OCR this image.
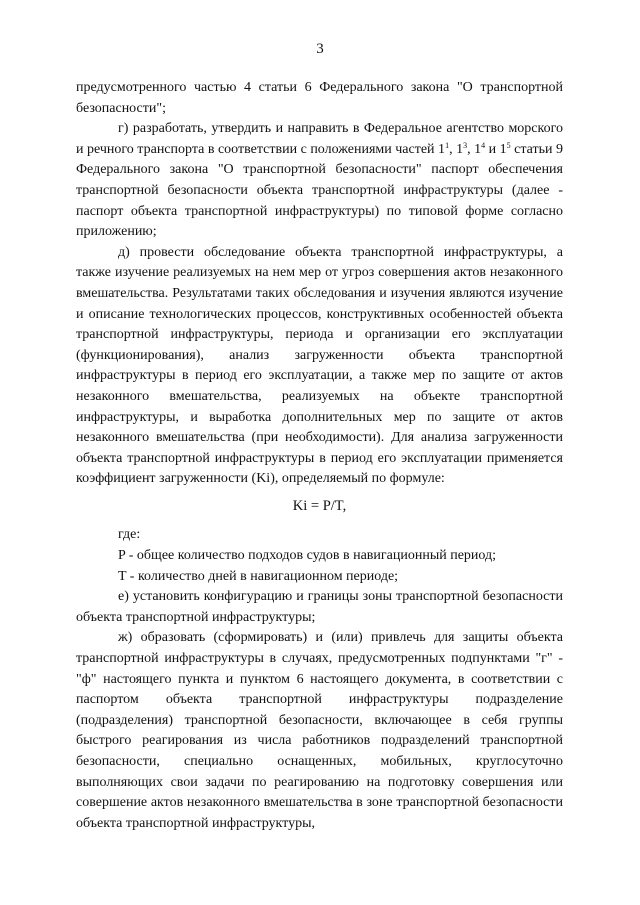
3

предусмотренного частью 4 статьи 6 Федерального закона "О транспортной безопасности";

г) разработать, утвердить и направить в Федеральное агентство морского и речного транспорта в соответствии с положениями частей $1^1$, $1^3$, $1^4$ и $1^5$ статьи 9 Федерального закона "О транспортной безопасности" паспорт обеспечения транспортной безопасности объекта транспортной инфраструктуры (далее - паспорт объекта транспортной инфраструктуры) по типовой форме согласно приложению;

д) провести обследование объекта транспортной инфраструктуры, а также изучение реализуемых на нем мер от угроз совершения актов незаконного вмешательства. Результатами таких обследования и изучения являются изучение и описание технологических процессов, конструктивных особенностей объекта транспортной инфраструктуры, периода и организации его эксплуатации (функционирования), анализ загруженности объекта транспортной инфраструктуры в период его эксплуатации, а также мер по защите от актов незаконного вмешательства, реализуемых на объекте транспортной инфраструктуры, и выработка дополнительных мер по защите от актов незаконного вмешательства (при необходимости). Для анализа загруженности объекта транспортной инфраструктуры в период его эксплуатации применяется коэффициент загруженности (Ki), определяемый по формуле:

Ki = P/T,

где:

P - общее количество подходов судов в навигационный период;

T - количество дней в навигационном периоде;

е) установить конфигурацию и границы зоны транспортной безопасности объекта транспортной инфраструктуры;

ж) образовать (сформировать) и (или) привлечь для защиты объекта транспортной инфраструктуры в случаях, предусмотренных подпунктами "г" - "ф" настоящего пункта и пунктом 6 настоящего документа, в соответствии с паспортом объекта транспортной инфраструктуры подразделение (подразделения) транспортной безопасности, включающее в себя группы быстрого реагирования из числа работников подразделений транспортной безопасности, специально оснащенных, мобильных, круглосуточно выполняющих свои задачи по реагированию на подготовку совершения или совершение актов незаконного вмешательства в зоне транспортной безопасности объекта транспортной инфраструктуры,
